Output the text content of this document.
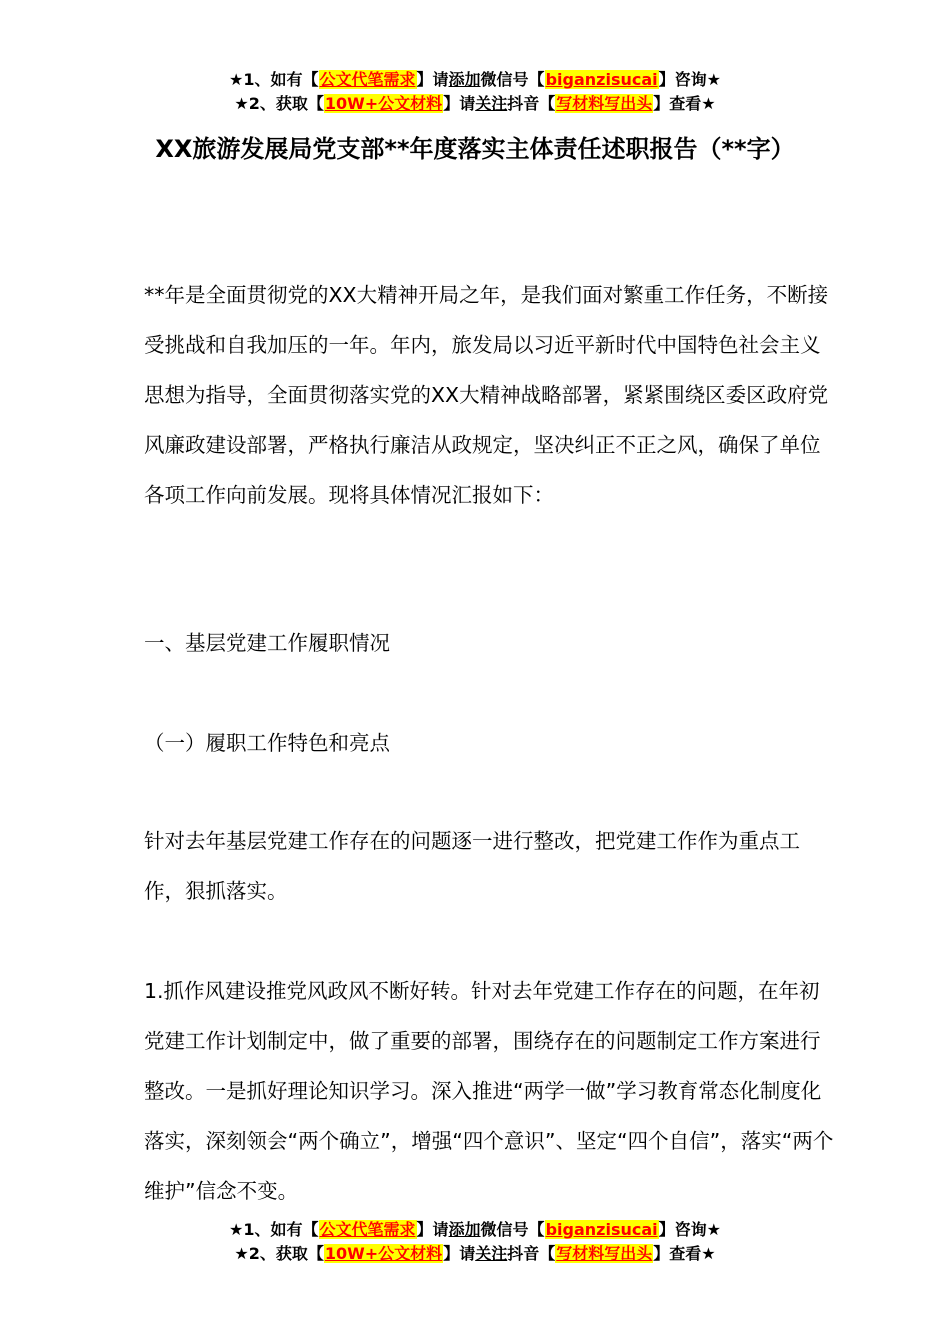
★1、如有【公文代笔需求】请添加微信号【biganzisucai】咨询★
★2、获取【10W+公文材料】请关注抖音【写材料写出头】查看★
XX旅游发展局党支部**年度落实主体责任述职报告（**字）

**年是全面贯彻党的XX大精神开局之年，是我们面对繁重工作任务，不断接受挑战和自我加压的一年。年内，旅发局以习近平新时代中国特色社会主义思想为指导，全面贯彻落实党的XX大精神战略部署，紧紧围绕区委区政府党风廉政建设部署，严格执行廉洁从政规定，坚决纠正不正之风，确保了单位各项工作向前发展。现将具体情况汇报如下：

一、基层党建工作履职情况

（一）履职工作特色和亮点

针对去年基层党建工作存在的问题逐一进行整改，把党建工作作为重点工作，狠抓落实。

1.抓作风建设推党风政风不断好转。针对去年党建工作存在的问题，在年初党建工作计划制定中，做了重要的部署，围绕存在的问题制定工作方案进行整改。一是抓好理论知识学习。深入推进“两学一做”学习教育常态化制度化落实，深刻领会“两个确立”，增强“四个意识”、坚定“四个自信”，落实“两个维护”信念不变。

★1、如有【公文代笔需求】请添加微信号【biganzisucai】咨询★
★2、获取【10W+公文材料】请关注抖音【写材料写出头】查看★
